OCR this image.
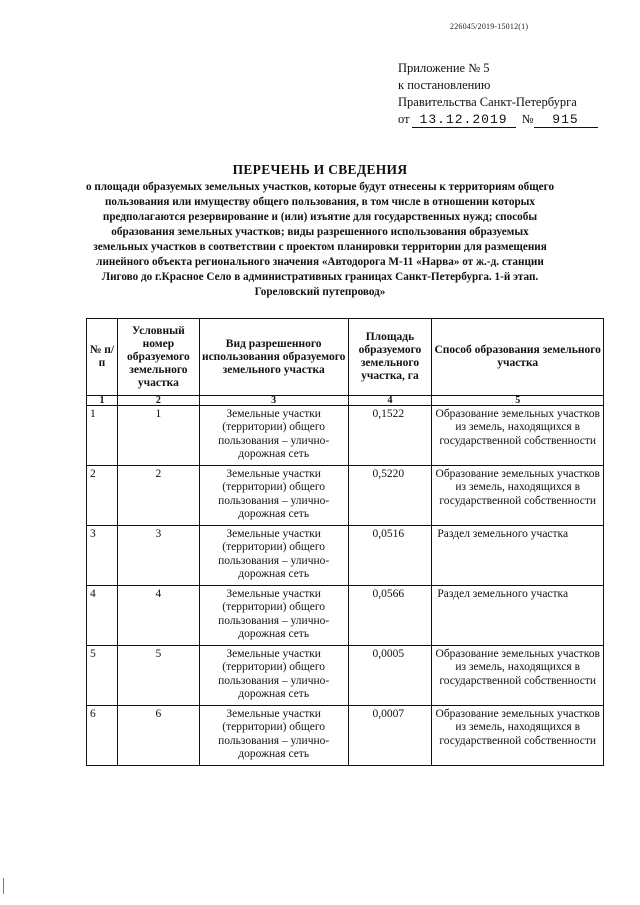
226045/2019-15012(1)
Приложение № 5
к постановлению
Правительства Санкт-Петербурга
от 13.12.2019	№	915
ПЕРЕЧЕНЬ И СВЕДЕНИЯ
о площади образуемых земельных участков, которые будут отнесены к территориям общего пользования или имуществу общего пользования, в том числе в отношении которых предполагаются резервирование и (или) изъятие для государственных нужд; способы образования земельных участков; виды разрешенного использования образуемых земельных участков в соответствии с проектом планировки территории для размещения линейного объекта регионального значения «Автодорога М-11 «Нарва» от ж.-д. станции Лигово до г.Красное Село в административных границах Санкт-Петербурга. 1-й этап. Гореловский путепровод»
№ п/п	Условный номер образуемого земельного участка	Вид разрешенного использования образуемого земельного участка	Площадь образуемого земельного участка, га	Способ образования земельного участка
1	2	3	4	5
1	1	Земельные участки (территории) общего пользования – улично-дорожная сеть	0,1522	Образование земельных участков из земель, находящихся в государственной собственности
2	2	Земельные участки (территории) общего пользования – улично-дорожная сеть	0,5220	Образование земельных участков из земель, находящихся в государственной собственности
3	3	Земельные участки (территории) общего пользования – улично-дорожная сеть	0,0516	Раздел земельного участка
4	4	Земельные участки (территории) общего пользования – улично-дорожная сеть	0,0566	Раздел земельного участка
5	5	Земельные участки (территории) общего пользования – улично-дорожная сеть	0,0005	Образование земельных участков из земель, находящихся в государственной собственности
6	6	Земельные участки (территории) общего пользования – улично-дорожная сеть	0,0007	Образование земельных участков из земель, находящихся в государственной собственности
